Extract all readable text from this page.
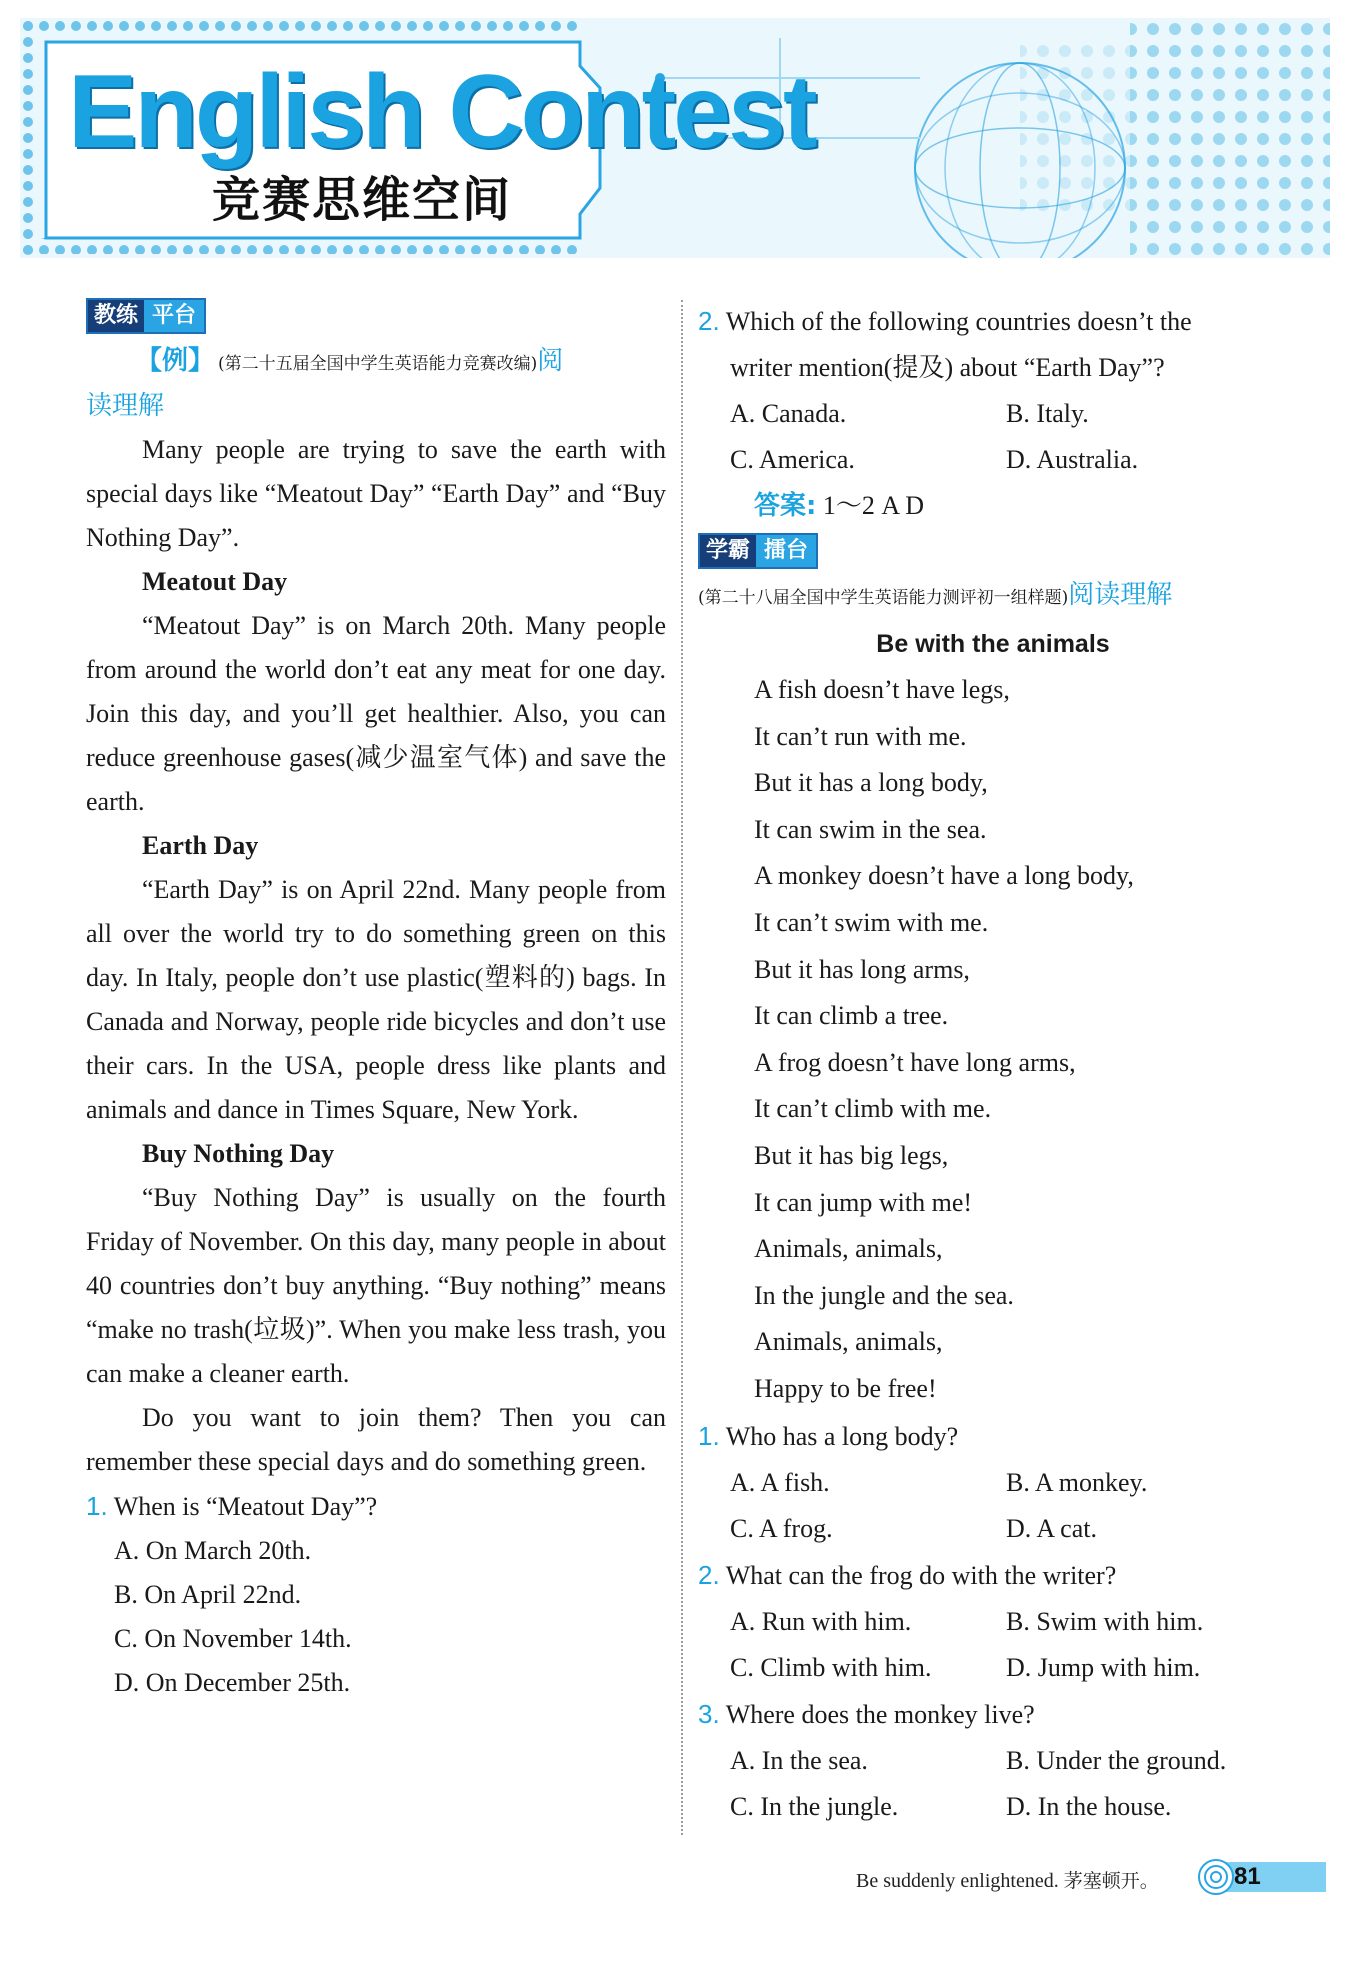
English Contest
竞赛思维空间
教练 平台
【例】 (第二十五届全国中学生英语能力竞赛改编)阅
读理解

Many people are trying to save the earth with special days like “Meatout Day” “Earth Day” and “Buy Nothing Day”.

Meatout Day

“Meatout Day” is on March 20th. Many people from around the world don’t eat any meat for one day. Join this day, and you’ll get healthier. Also, you can reduce greenhouse gases(减少温室气体) and save the earth.

Earth Day

“Earth Day” is on April 22nd. Many people from all over the world try to do something green on this day. In Italy, people don’t use plastic(塑料的) bags. In Canada and Norway, people ride bicycles and don’t use their cars. In the USA, people dress like plants and animals and dance in Times Square, New York.

Buy Nothing Day

“Buy Nothing Day” is usually on the fourth Friday of November. On this day, many people in about 40 countries don’t buy anything. “Buy nothing” means “make no trash(垃圾)”. When you make less trash, you can make a cleaner earth.

Do you want to join them? Then you can remember these special days and do something green.

1. When is “Meatout Day”?

A. On March 20th.

B. On April 22nd.

C. On November 14th.

D. On December 25th.

2. Which of the following countries doesn’t the

writer mention(提及) about “Earth Day”?

A. Canada.	B. Italy.
C. America.	D. Australia.

答案: 1～2 A D

学霸 擂台
(第二十八届全国中学生英语能力测评初一组样题)阅读理解

Be with the animals

A fish doesn’t have legs,

It can’t run with me.

But it has a long body,

It can swim in the sea.

A monkey doesn’t have a long body,

It can’t swim with me.

But it has long arms,

It can climb a tree.

A frog doesn’t have long arms,

It can’t climb with me.

But it has big legs,

It can jump with me!

Animals, animals,

In the jungle and the sea.

Animals, animals,

Happy to be free!

1. Who has a long body?

A. A fish.	B. A monkey.
C. A frog.	D. A cat.

2. What can the frog do with the writer?

A. Run with him.	B. Swim with him.
C. Climb with him.	D. Jump with him.

3. Where does the monkey live?

A. In the sea.	B. Under the ground.
C. In the jungle.	D. In the house.
Be suddenly enlightened. 茅塞顿开。	81
